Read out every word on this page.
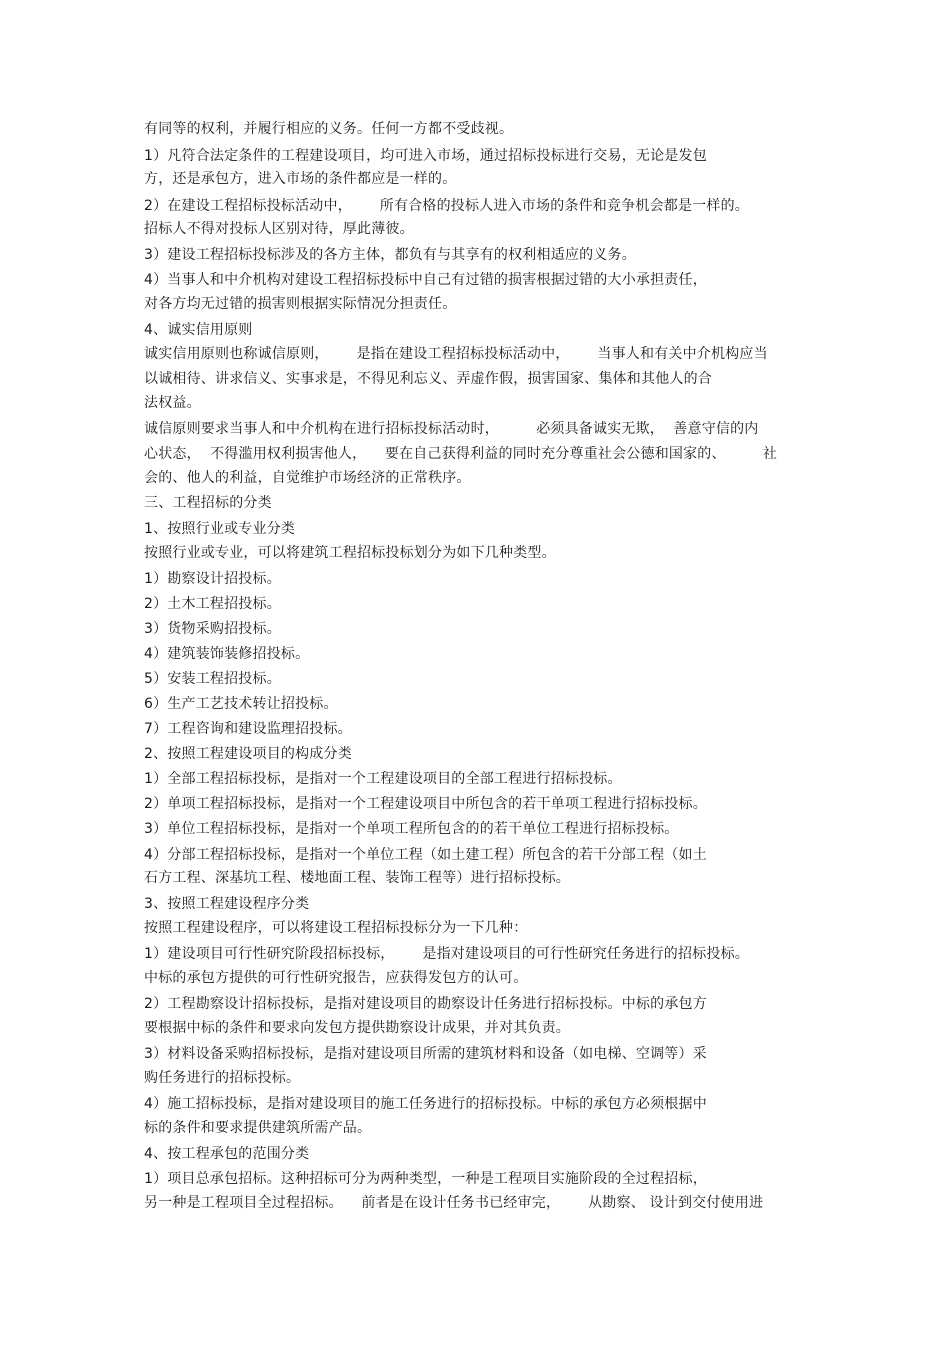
有同等的权利，并履行相应的义务。任何一方都不受歧视。
1）凡符合法定条件的工程建设项目，均可进入市场，通过招标投标进行交易，无论是发包
方，还是承包方，进入市场的条件都应是一样的。
2）在建设工程招标投标活动中，      所有合格的投标人进入市场的条件和竞争机会都是一样的。
招标人不得对投标人区别对待，厚此薄彼。
3）建设工程招标投标涉及的各方主体，都负有与其享有的权利相适应的义务。
4）当事人和中介机构对建设工程招标投标中自己有过错的损害根据过错的大小承担责任，
对各方均无过错的损害则根据实际情况分担责任。
4、诚实信用原则
诚实信用原则也称诚信原则，      是指在建设工程招标投标活动中，      当事人和有关中介机构应当
以诚相待、讲求信义、实事求是，不得见利忘义、弄虚作假，损害国家、集体和其他人的合
法权益。
诚信原则要求当事人和中介机构在进行招标投标活动时，        必须具备诚实无欺，  善意守信的内
心状态，  不得滥用权利损害他人，    要在自己获得利益的同时充分尊重社会公德和国家的、        社
会的、他人的利益，自觉维护市场经济的正常秩序。
三、工程招标的分类
1、按照行业或专业分类
按照行业或专业，可以将建筑工程招标投标划分为如下几种类型。
1）勘察设计招投标。
2）土木工程招投标。
3）货物采购招投标。
4）建筑装饰装修招投标。
5）安装工程招投标。
6）生产工艺技术转让招投标。
7）工程咨询和建设监理招投标。
2、按照工程建设项目的构成分类
1）全部工程招标投标，是指对一个工程建设项目的全部工程进行招标投标。
2）单项工程招标投标，是指对一个工程建设项目中所包含的若干单项工程进行招标投标。
3）单位工程招标投标，是指对一个单项工程所包含的的若干单位工程进行招标投标。
4）分部工程招标投标，是指对一个单位工程（如土建工程）所包含的若干分部工程（如土
石方工程、深基坑工程、楼地面工程、装饰工程等）进行招标投标。
3、按照工程建设程序分类
按照工程建设程序，可以将建设工程招标投标分为一下几种：
1）建设项目可行性研究阶段招标投标，      是指对建设项目的可行性研究任务进行的招标投标。
中标的承包方提供的可行性研究报告，应获得发包方的认可。
2）工程勘察设计招标投标，是指对建设项目的勘察设计任务进行招标投标。中标的承包方
要根据中标的条件和要求向发包方提供勘察设计成果，并对其负责。
3）材料设备采购招标投标，是指对建设项目所需的建筑材料和设备（如电梯、空调等）采
购任务进行的招标投标。
4）施工招标投标，是指对建设项目的施工任务进行的招标投标。中标的承包方必须根据中
标的条件和要求提供建筑所需产品。
4、按工程承包的范围分类
1）项目总承包招标。这种招标可分为两种类型，一种是工程项目实施阶段的全过程招标，
另一种是工程项目全过程招标。    前者是在设计任务书已经审完，      从勘察、 设计到交付使用进
